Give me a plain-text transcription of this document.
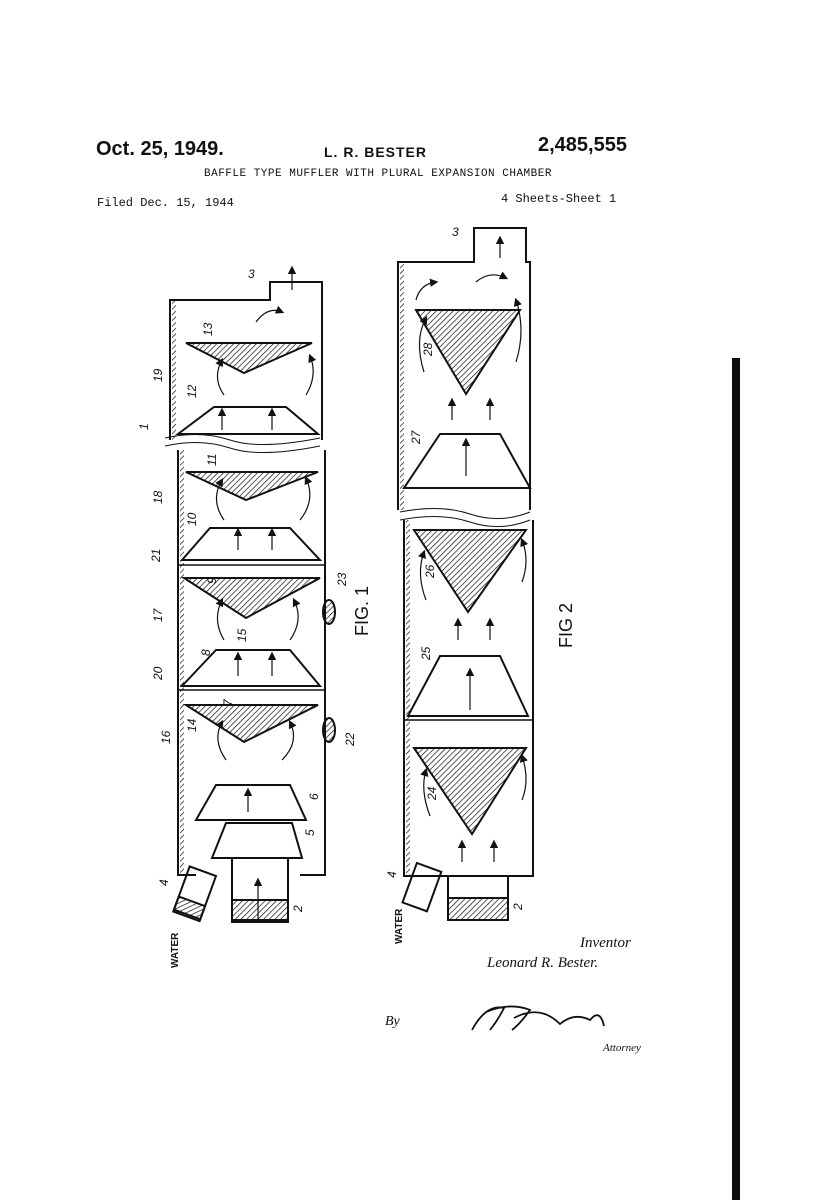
Oct. 25, 1949.	L. R. BESTER	2,485,555
BAFFLE TYPE MUFFLER WITH PLURAL EXPANSION CHAMBER
Filed Dec. 15, 1944	4 Sheets-Sheet 1
3
13
12
19
1
11
18
10
21
9
17
23
15
8
20
7
14
16	22
6
5
2
4
WATER
FIG. 1
3
28
27
26
25
24
2
4
WATER
FIG 2
Inventor
Leonard R. Bester.
By
Attorney
